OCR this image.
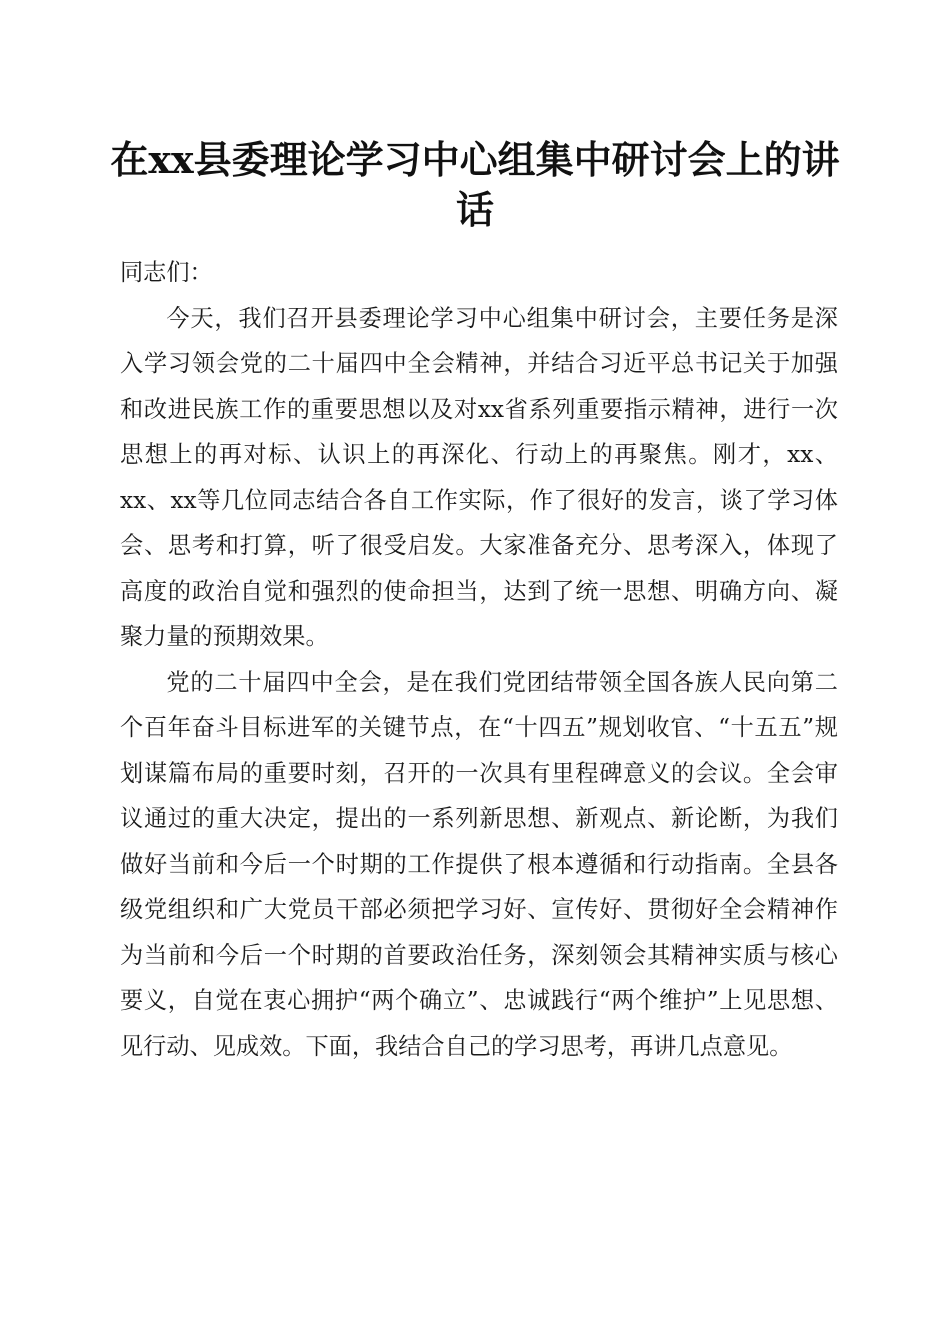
在xx县委理论学习中心组集中研讨会上的讲话

同志们：

今天，我们召开县委理论学习中心组集中研讨会，主要任务是深入学习领会党的二十届四中全会精神，并结合习近平总书记关于加强和改进民族工作的重要思想以及对xx省系列重要指示精神，进行一次思想上的再对标、认识上的再深化、行动上的再聚焦。刚才，xx、xx、xx等几位同志结合各自工作实际，作了很好的发言，谈了学习体会、思考和打算，听了很受启发。大家准备充分、思考深入，体现了高度的政治自觉和强烈的使命担当，达到了统一思想、明确方向、凝聚力量的预期效果。

党的二十届四中全会，是在我们党团结带领全国各族人民向第二个百年奋斗目标进军的关键节点，在“十四五”规划收官、“十五五”规划谋篇布局的重要时刻，召开的一次具有里程碑意义的会议。全会审议通过的重大决定，提出的一系列新思想、新观点、新论断，为我们做好当前和今后一个时期的工作提供了根本遵循和行动指南。全县各级党组织和广大党员干部必须把学习好、宣传好、贯彻好全会精神作为当前和今后一个时期的首要政治任务，深刻领会其精神实质与核心要义，自觉在衷心拥护“两个确立”、忠诚践行“两个维护”上见思想、见行动、见成效。下面，我结合自己的学习思考，再讲几点意见。
